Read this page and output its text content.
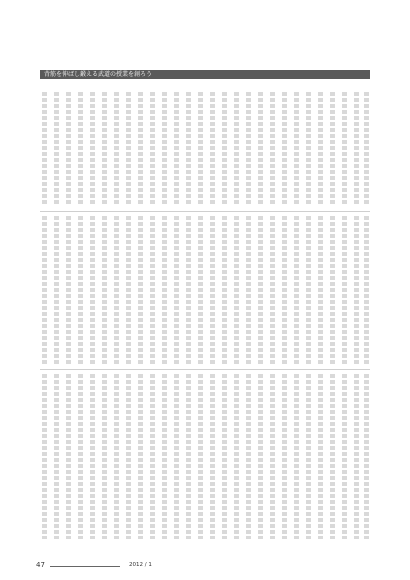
背筋を伸ばし鍛える武道の授業を創ろう
47	2012 / 1
